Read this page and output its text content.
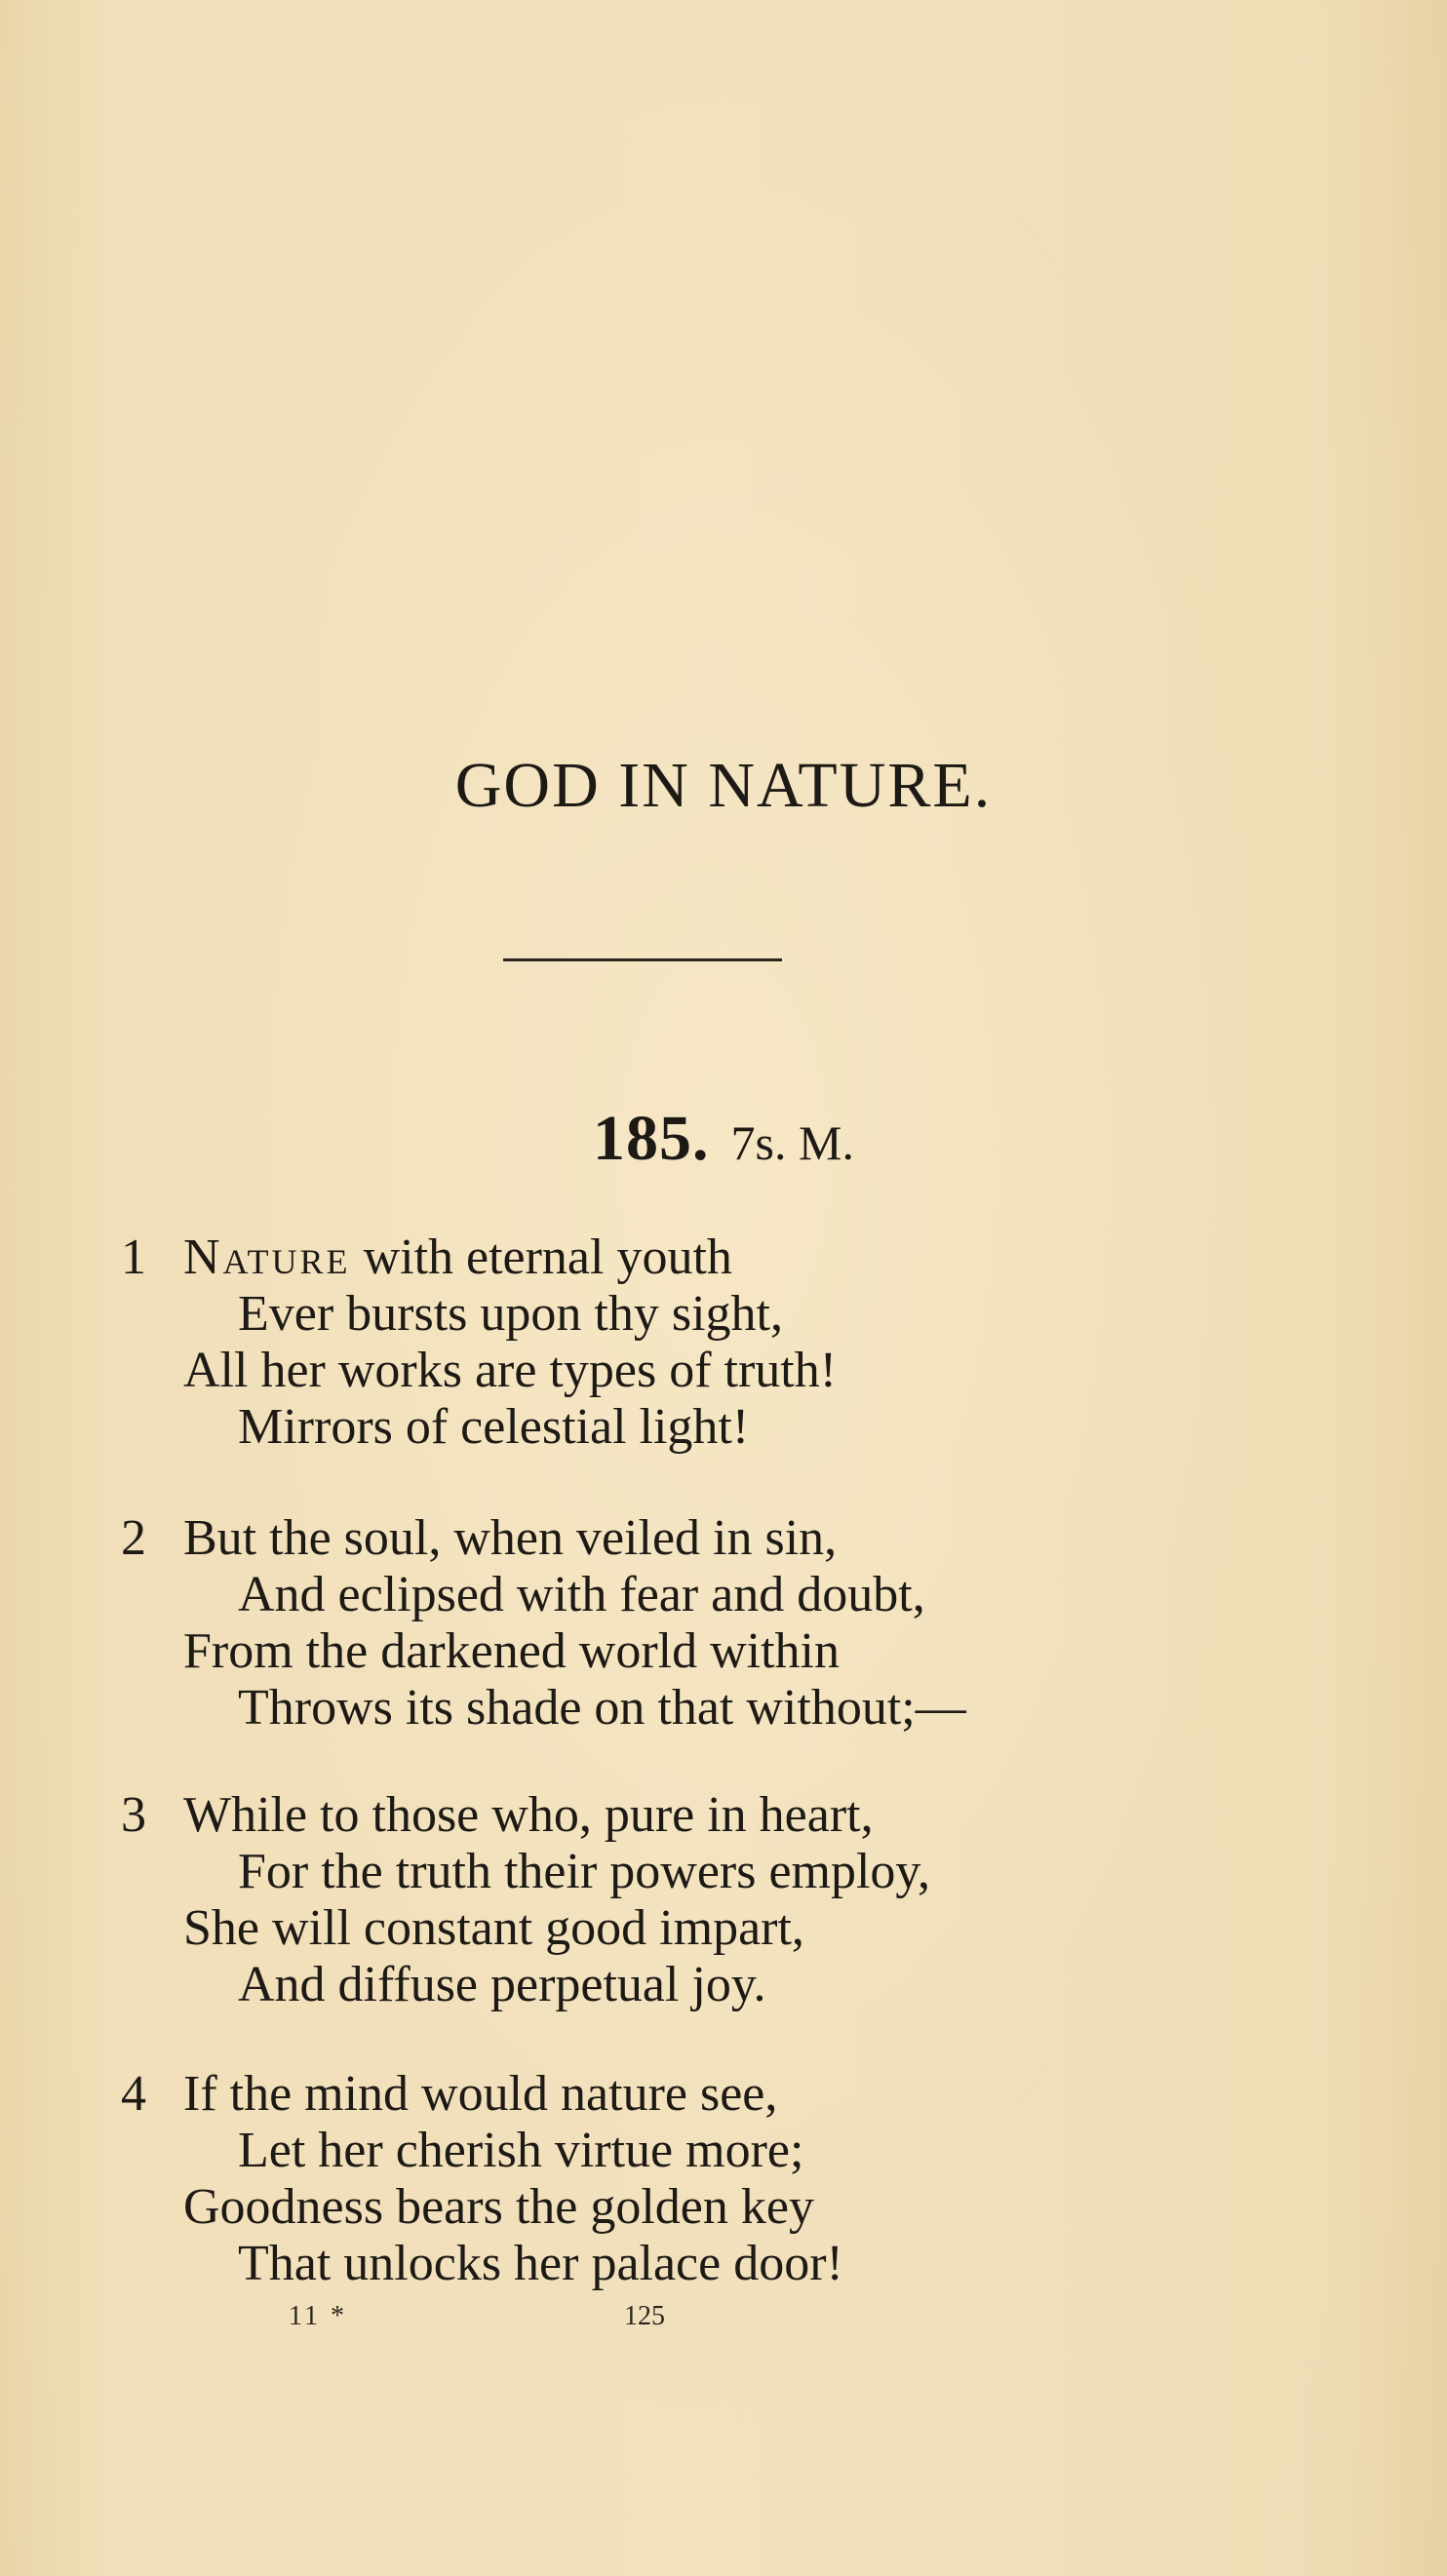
GOD IN NATURE.
185. 7s. M.
1 Nature with eternal youth
Ever bursts upon thy sight,
All her works are types of truth!
Mirrors of celestial light!
2 But the soul, when veiled in sin,
And eclipsed with fear and doubt,
From the darkened world within
Throws its shade on that without;—
3 While to those who, pure in heart,
For the truth their powers employ,
She will constant good impart,
And diffuse perpetual joy.
4 If the mind would nature see,
Let her cherish virtue more;
Goodness bears the golden key
That unlocks her palace door!
11 *	125
